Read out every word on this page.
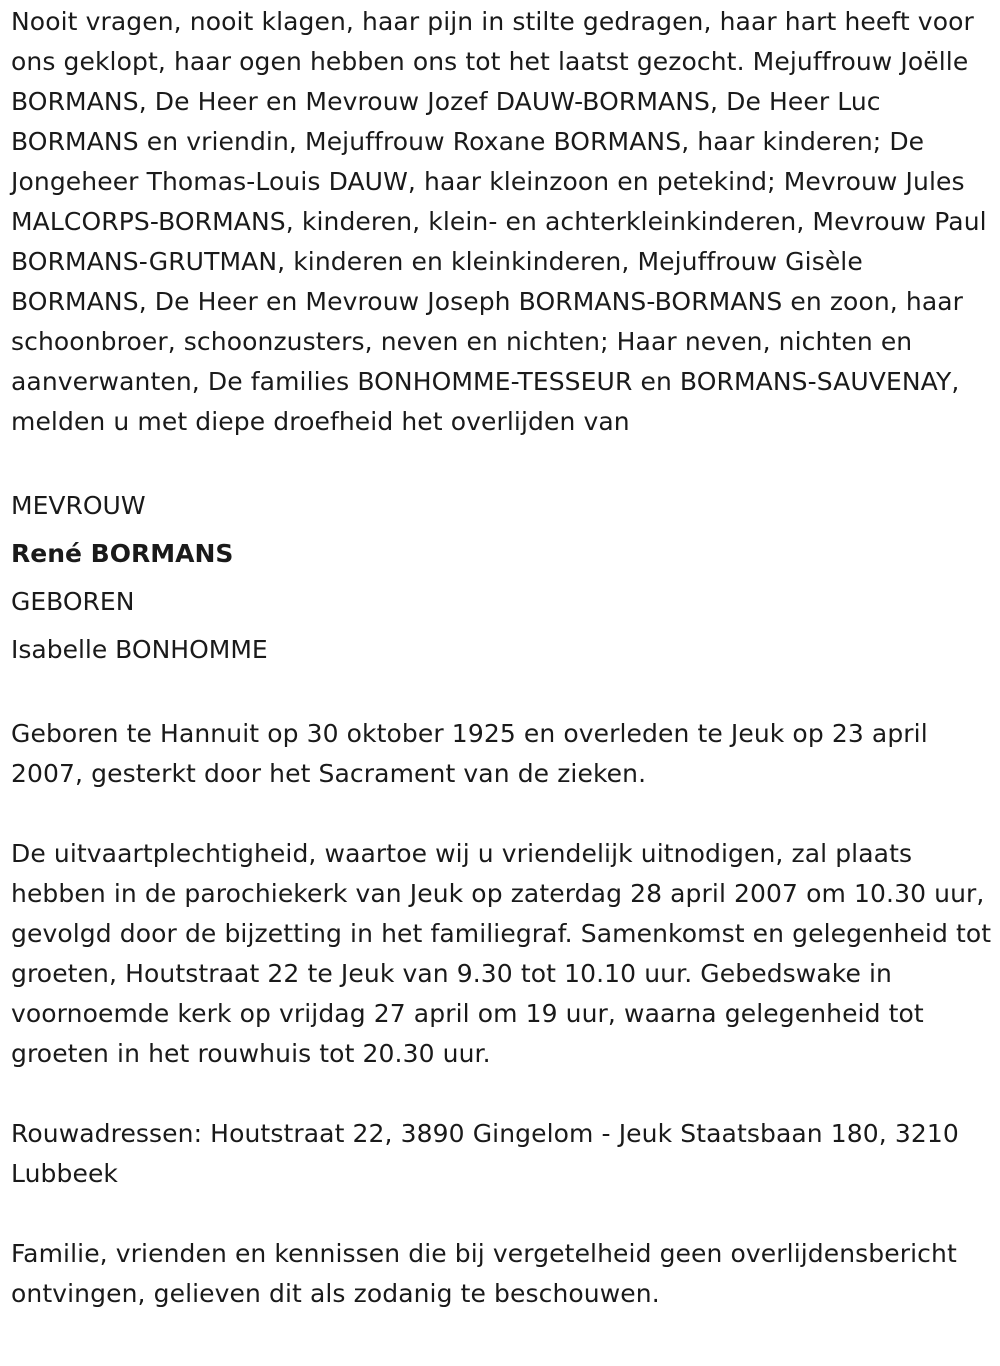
Nooit vragen, nooit klagen, haar pijn in stilte gedragen, haar hart heeft voor ons geklopt, haar ogen hebben ons tot het laatst gezocht. Mejuffrouw Joëlle BORMANS, De Heer en Mevrouw Jozef DAUW-BORMANS, De Heer Luc BORMANS en vriendin, Mejuffrouw Roxane BORMANS, haar kinderen; De Jongeheer Thomas-Louis DAUW, haar kleinzoon en petekind; Mevrouw Jules MALCORPS-BORMANS, kinderen, klein- en achterkleinkinderen, Mevrouw Paul BORMANS-GRUTMAN, kinderen en kleinkinderen, Mejuffrouw Gisèle BORMANS, De Heer en Mevrouw Joseph BORMANS-BORMANS en zoon, haar schoonbroer, schoonzusters, neven en nichten; Haar neven, nichten en aanverwanten, De families BONHOMME-TESSEUR en BORMANS-SAUVENAY, melden u met diepe droefheid het overlijden van

MEVROUW
René BORMANS
GEBOREN
Isabelle BONHOMME

Geboren te Hannuit op 30 oktober 1925 en overleden te Jeuk op 23 april 2007, gesterkt door het Sacrament van de zieken.

De uitvaartplechtigheid, waartoe wij u vriendelijk uitnodigen, zal plaats hebben in de parochiekerk van Jeuk op zaterdag 28 april 2007 om 10.30 uur, gevolgd door de bijzetting in het familiegraf. Samenkomst en gelegenheid tot groeten, Houtstraat 22 te Jeuk van 9.30 tot 10.10 uur. Gebedswake in voornoemde kerk op vrijdag 27 april om 19 uur, waarna gelegenheid tot groeten in het rouwhuis tot 20.30 uur.

Rouwadressen: Houtstraat 22, 3890 Gingelom - Jeuk Staatsbaan 180, 3210 Lubbeek

Familie, vrienden en kennissen die bij vergetelheid geen overlijdensbericht ontvingen, gelieven dit als zodanig te beschouwen.
